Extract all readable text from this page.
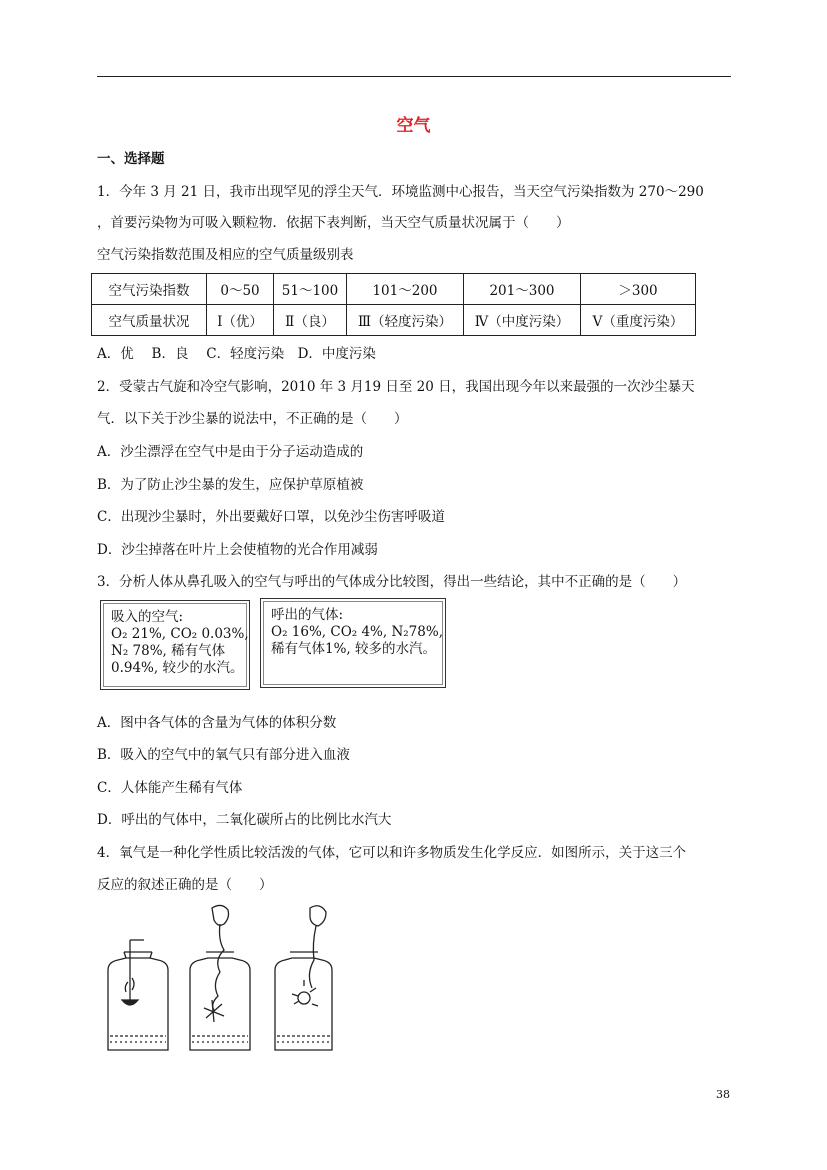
空气
一、选择题
1．今年 3 月 21 日，我市出现罕见的浮尘天气．环境监测中心报告，当天空气污染指数为 270～290
，首要污染物为可吸入颗粒物．依据下表判断，当天空气质量状况属于（　　）
空气污染指数范围及相应的空气质量级别表
空气污染指数	0～50	51～100	101～200	201～300	＞300
空气质量状况	Ⅰ（优）	Ⅱ（良）	Ⅲ（轻度污染）	Ⅳ（中度污染）	Ⅴ（重度污染）
A．优　 B．良　 C．轻度污染　D．中度污染
2．受蒙古气旋和冷空气影响，2010 年 3 月19 日至 20 日，我国出现今年以来最强的一次沙尘暴天
气．以下关于沙尘暴的说法中，不正确的是（　　）
A．沙尘漂浮在空气中是由于分子运动造成的
B．为了防止沙尘暴的发生，应保护草原植被
C．出现沙尘暴时，外出要戴好口罩，以免沙尘伤害呼吸道
D．沙尘掉落在叶片上会使植物的光合作用减弱
3．分析人体从鼻孔吸入的空气与呼出的气体成分比较图，得出一些结论，其中不正确的是（　　）
吸入的空气:
O₂ 21%, CO₂ 0.03%,
N₂ 78%, 稀有气体
0.94%, 较少的水汽。
呼出的气体:
O₂ 16%, CO₂ 4%, N₂78%,
稀有气体1%, 较多的水汽。
A．图中各气体的含量为气体的体积分数
B．吸入的空气中的氧气只有部分进入血液
C．人体能产生稀有气体
D．呼出的气体中，二氧化碳所占的比例比水汽大
4．氧气是一种化学性质比较活泼的气体，它可以和许多物质发生化学反应．如图所示，关于这三个
反应的叙述正确的是（　　）
38
